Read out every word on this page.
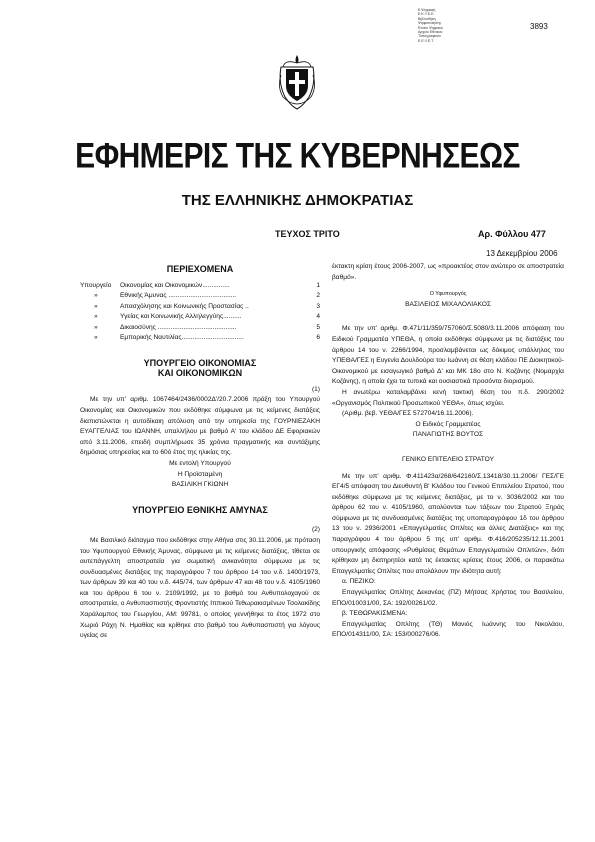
Ε.Ψηφιακή
Ε.Κ.Υ.Ε.Ε.
Βιβλιοθήκη
Ψηφιοποίησης
Ενιαίο Ψηφιακό
Αρχείο Εθνικού
Τυπογραφείου
Ε.Ε.Υ.Ε.Τ.
3893
ΕΦΗΜΕΡΙΣ ΤΗΣ ΚΥΒΕΡΝΗΣΕΩΣ
ΤΗΣ ΕΛΛΗΝΙΚΗΣ ΔΗΜΟΚΡΑΤΙΑΣ
ΤΕΥΧΟΣ ΤΡΙΤΟ	Αρ. Φύλλου 477
13 Δεκεμβρίου 2006
ΠΕΡΙΕΧΟΜΕΝΑ
Υπουργείο	Οικονομίας και Οικονομικών...............	1
»	Εθνικής Άμυνας .....................................	2
»	Απασχόλησης και Κοινωνικής Προστασίας ..	3
»	Υγείας και Κοινωνικής Αλληλεγγύης..........	4
»	Δικαιοσύνης ...........................................	5
»	Εμπορικής Ναυτιλίας..................................	6
ΥΠΟΥΡΓΕΙΟ ΟΙΚΟΝΟΜΙΑΣ
ΚΑΙ ΟΙΚΟΝΟΜΙΚΩΝ
(1)

Με την υπ' αριθμ. 1067464/2436/0002Δ'/20.7.2006 πράξη του Υπουργού Οικονομίας και Οικονομικών που εκδόθηκε σύμφωνα με τις κείμενες διατάξεις διαπιστώνεται η αυτοδίκαιη απόλυση από την υπηρεσία της ΓΟΥΡΝΙΕΖΑΚΗ ΕΥΑΓΓΕΛΙΑΣ του ΙΩΑΝΝΗ, υπαλλήλου με βαθμό Α' του κλάδου ΔΕ Εφοριακών από 3.11.2006, επειδή συμπλήρωσε 35 χρόνια πραγματικής και συντάξιμης δημόσιας υπηρεσίας και το 60ό έτος της ηλικίας της.

Με εντολή Υπουργού
Η Προϊσταμένη
ΒΑΣΙΛΙΚΗ ΓΚΙΩΝΗ
ΥΠΟΥΡΓΕΙΟ ΕΘΝΙΚΗΣ ΑΜΥΝΑΣ
(2)

Με Βασιλικό διάταγμα που εκδόθηκε στην Αθήνα στις 30.11.2006, με πρόταση του Υφυπουργού Εθνικής Άμυνας, σύμφωνα με τις κείμενες διατάξεις, τίθεται σε αυτεπάγγελτη αποστρατεία για σωματική ανικανότητα σύμφωνα με τις συνδυασμένες διατάξεις της παραγράφου 7 του άρθρου 14 του ν.δ. 1400/1973, των άρθρων 39 και 40 του ν.δ. 445/74, των άρθρων 47 και 48 του ν.δ. 4105/1960 και του άρθρου 6 του ν. 2109/1992, με το βαθμό του Ανθυπολοχαγού σε αποστρατεία, ο Ανθυπασπιστής Φροντιστής Ιππικού Τεθωρακισμένων Τσολακίδης Χαράλαμπος του Γεωργίου, ΑΜ: 99781, ο οποίος γεννήθηκε το έτος 1972 στο Χωριό Ράχη Ν. Ημαθίας και κρίθηκε στο βαθμό του Ανθυπασπιστή για λόγους υγείας σε

έκτακτη κρίση έτους 2006-2007, ως «προακτέος στον ανώτερο σε αποστρατεία βαθμό».

Ο Υφυπουργός
ΒΑΣΙΛΕΙΟΣ ΜΙΧΑΛΟΛΙΑΚΟΣ

Με την υπ' αριθμ. Φ.471/11/359/757060/Σ.5080/3.11.2006 απόφαση του Ειδικού Γραμματέα ΥΠΕΘΑ, η οποία εκδόθηκε σύμφωνα με τις διατάξεις του άρθρου 14 του ν. 2266/1994, προσλαμβάνεται ως δόκιμος υπάλληλος του ΥΠΕΘΑ/ΓΕΣ η Ευγενία Δουλδούρα του Ιωάννη σε θέση κλάδου ΠΕ Διοικητικού-Οικονομικού με εισαγωγικό βαθμό Δ' και ΜΚ 18ο στο Ν. Κοζάνης (Νομαρχία Κοζάνης), η οποία έχει τα τυπικά και ουσιαστικά προσόντα διορισμού.

Η ανωτέρω καταλαμβάνει κενή τακτική θέση του π.δ. 290/2002 «Οργανισμός Πολιτικού Προσωπικού ΥΕΘΑ», όπως ισχύει.

(Αριθμ. βεβ. ΥΕΘΑ/ΓΕΣ 572704/16.11.2006).

Ο Ειδικός Γραμματέας
ΠΑΝΑΓΙΩΤΗΣ ΒΟΥΤΟΣ
ΓΕΝΙΚΟ ΕΠΙΤΕΛΕΙΟ ΣΤΡΑΤΟΥ

Με την υπ' αριθμ. Φ.411423α/268/642160/Σ.13418/30.11.2006/ ΓΕΣ/ΓΕ ΕΓ4/5 απόφαση του Διευθυντή Β' Κλάδου του Γενικού Επιτελείου Στρατού, που εκδόθηκε σύμφωνα με τις κείμενες διατάξεις, με το ν. 3036/2002 και του άρθρου 62 του ν. 4105/1960, απολύονται των τάξεων του Στρατού Ξηράς σύμφωνα με τις συνδυασμένες διατάξεις της υποπαραγράφου 1δ του άρθρου 13 του ν. 2936/2001 «Επαγγελματίες Οπλίτες και άλλες Διατάξεις» και της παραγράφου 4 του άρθρου 5 της υπ' αριθμ. Φ.416/205235/12.11.2001 υπουργικής απόφασης «Ρυθμίσεις Θεμάτων Επαγγελματιών Οπλιτών», διότι κρίθηκαν μη διατηρητέοι κατά τις έκτακτες κρίσεις έτους 2006, οι παρακάτω Επαγγελματίες Οπλίτες που απολάλουν την ιδιότητα αυτή:

α. ΠΕΖΙΚΟ:

Επαγγελματίας Οπλίτης Δεκανέας (ΠΖ) Μήτσας Χρήστος του Βασιλείου, ΕΠΟ/010031/00, ΣΑ: 192/00261/02.

β. ΤΕΘΩΡΑΚΙΣΜΕΝΑ:

Επαγγελματίας Οπλίτης (ΤΘ) Μανιός Ιωάννης του Νικολάου, ΕΠΟ/014311/00, ΣΑ: 153/000276/06.
